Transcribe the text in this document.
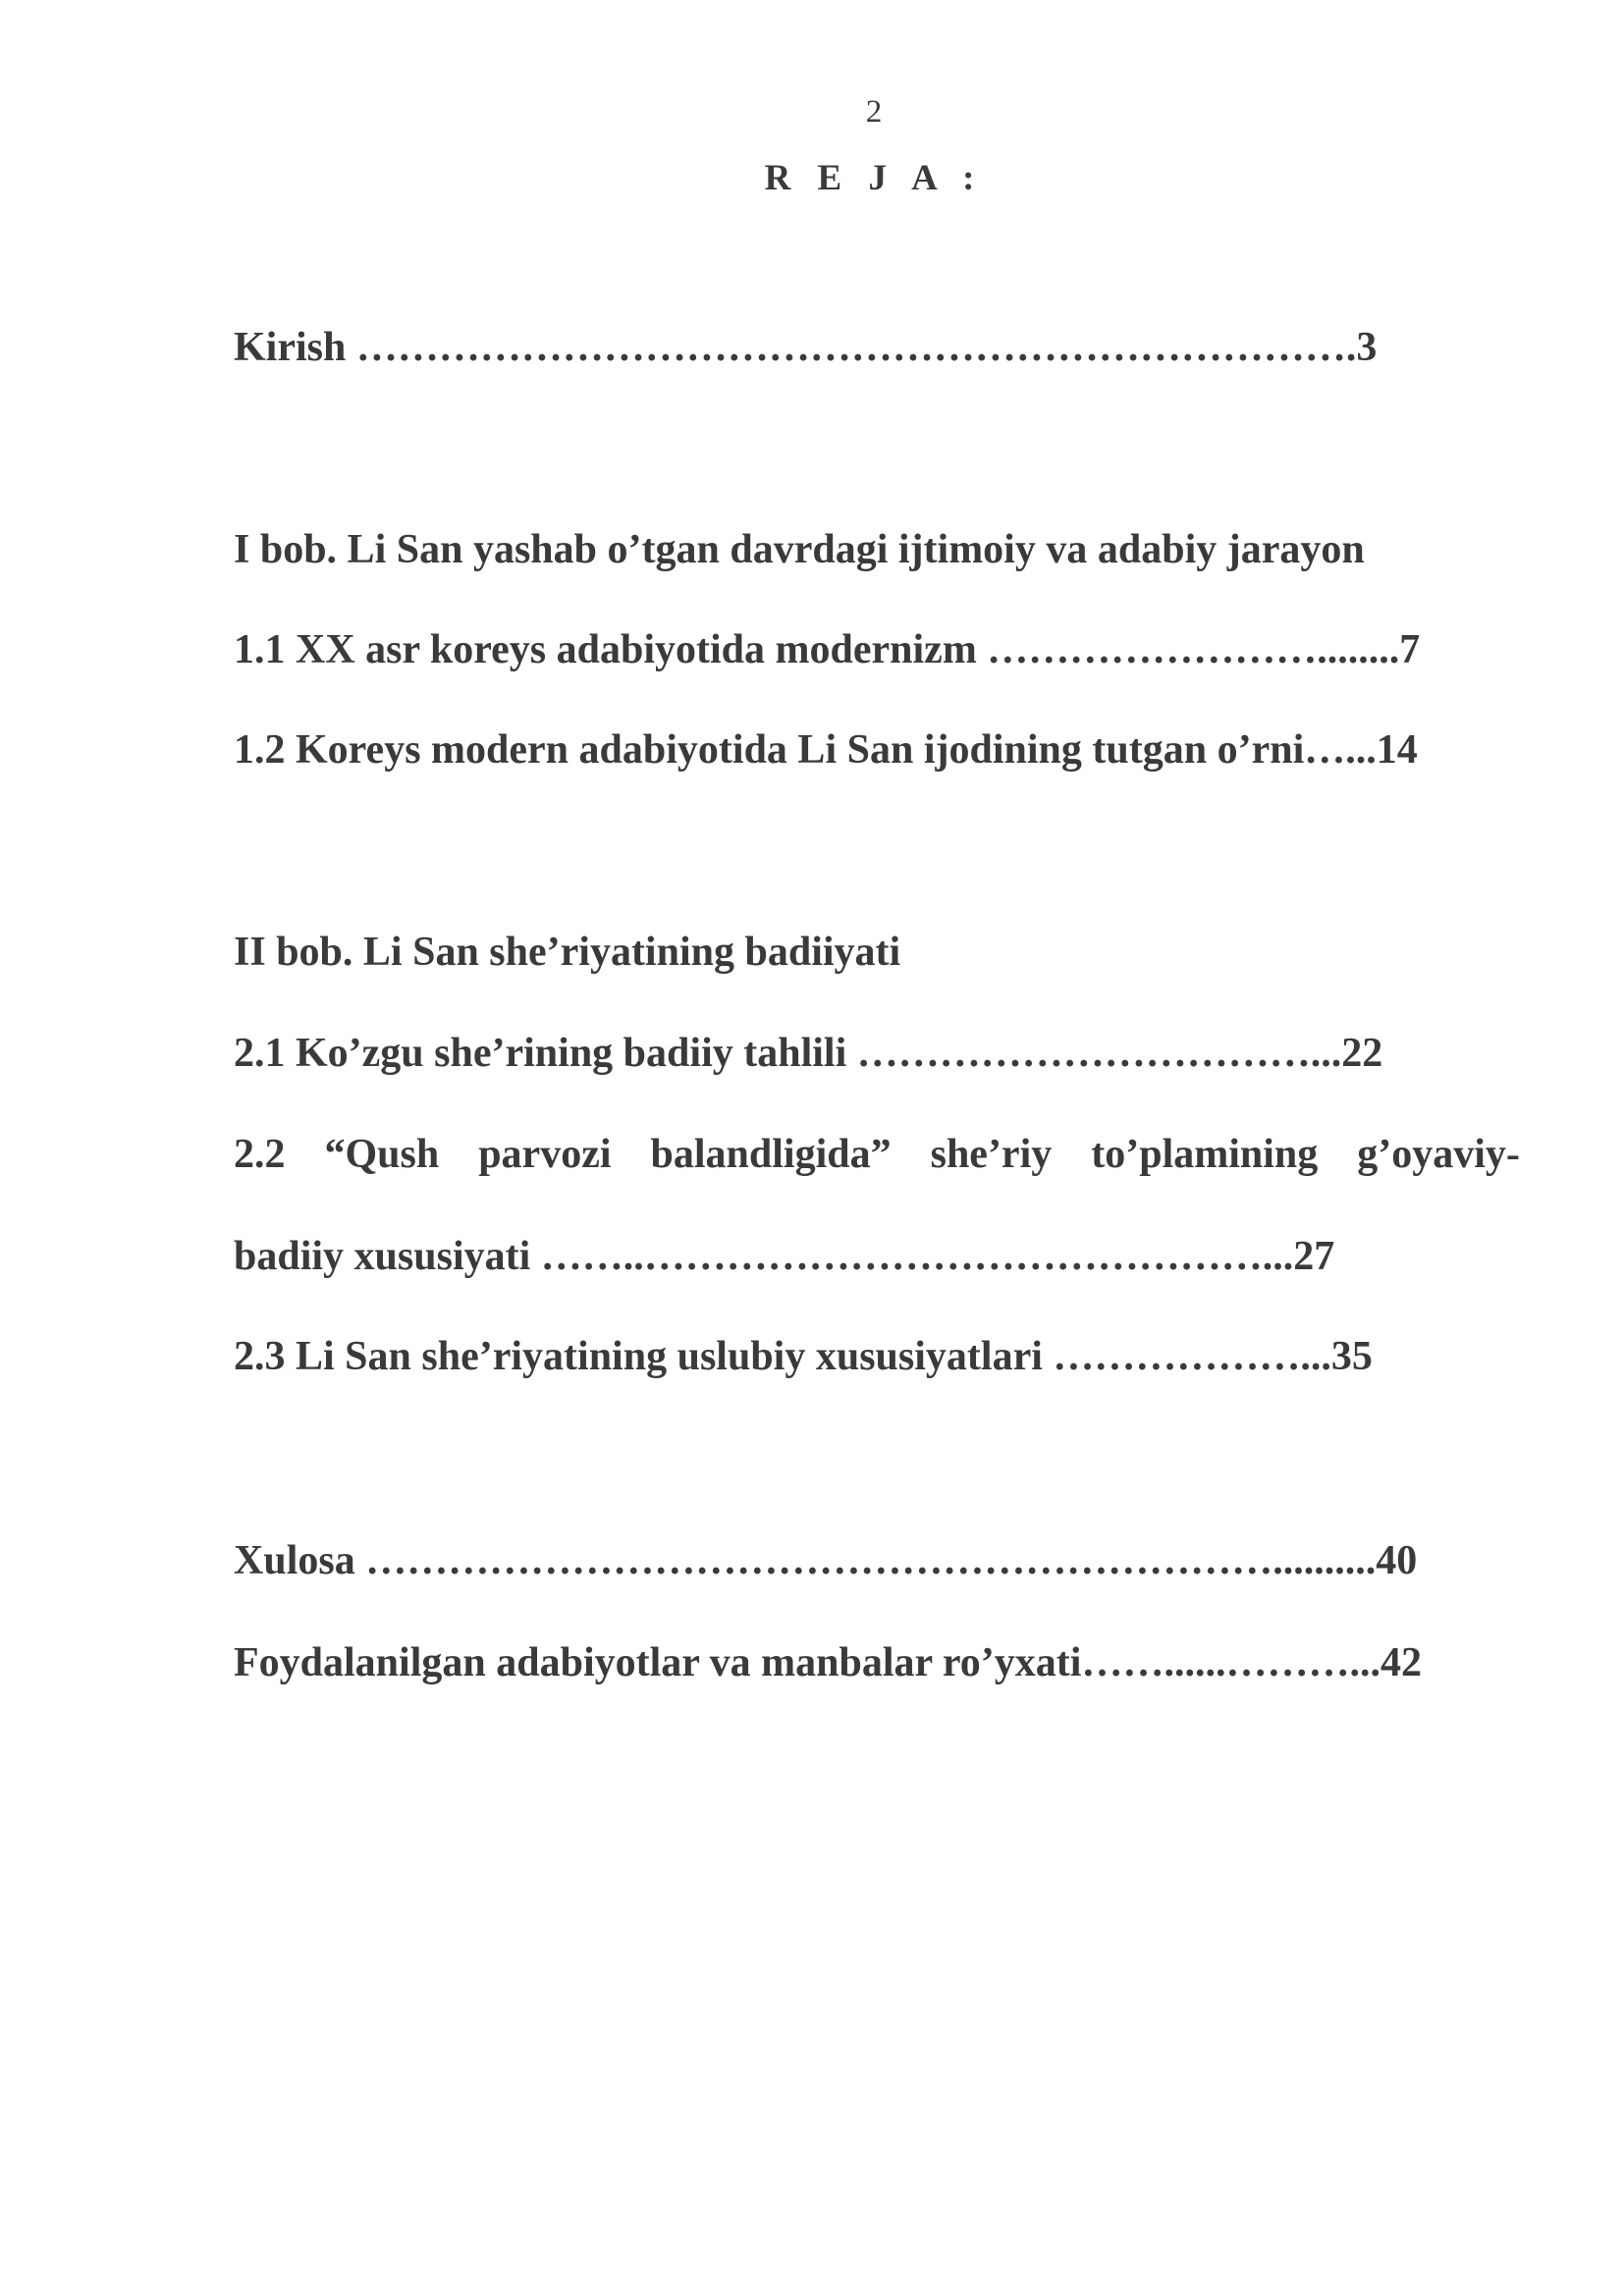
2
R E J A :
Kirish ……………………………………………………………….3
I bob. Li San yashab o’tgan davrdagi ijtimoiy va adabiy jarayon
1.1 XX asr koreys adabiyotida modernizm ……………………........7
1.2 Koreys modern adabiyotida Li San ijodining tutgan o’rni…...14
II bob. Li San she’riyatining badiiyati
2.1 Ko’zgu she’rining badiiy tahlili ……………………………...22
2.2 “Qush parvozi balandligida” she’riy to’plamining g’oyaviy-
badiiy xususiyati ……..………………………………………...27
2.3 Li San she’riyatining uslubiy xususiyatlari ………………...35
Xulosa …………………………………………………………..........40
Foydalanilgan adabiyotlar va manbalar ro’yxati……......………...42
